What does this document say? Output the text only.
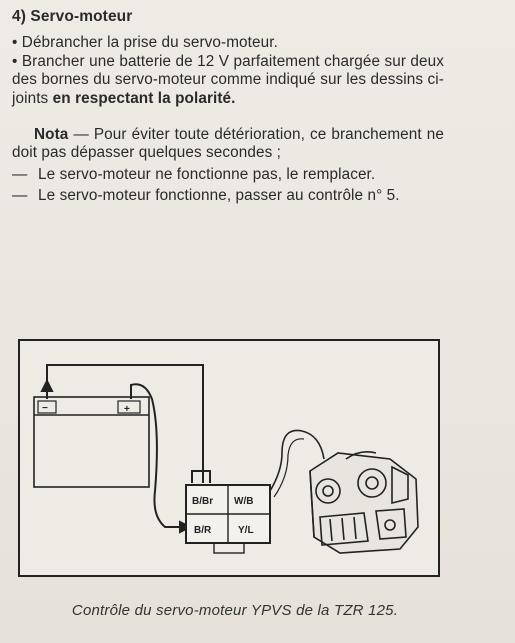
4) Servo-moteur

• Débrancher la prise du servo-moteur.

• Brancher une batterie de 12 V parfaitement chargée sur deux des bornes du servo-moteur comme indiqué sur les dessins ci-joints en respectant la polarité.

Nota — Pour éviter toute détérioration, ce branchement ne doit pas dépasser quelques secondes ;

— Le servo-moteur ne fonctionne pas, le remplacer.
— Le servo-moteur fonctionne, passer au contrôle n° 5.
−	+
B/Br W/B
B/R	Y/L
Contrôle du servo-moteur YPVS de la TZR 125.
